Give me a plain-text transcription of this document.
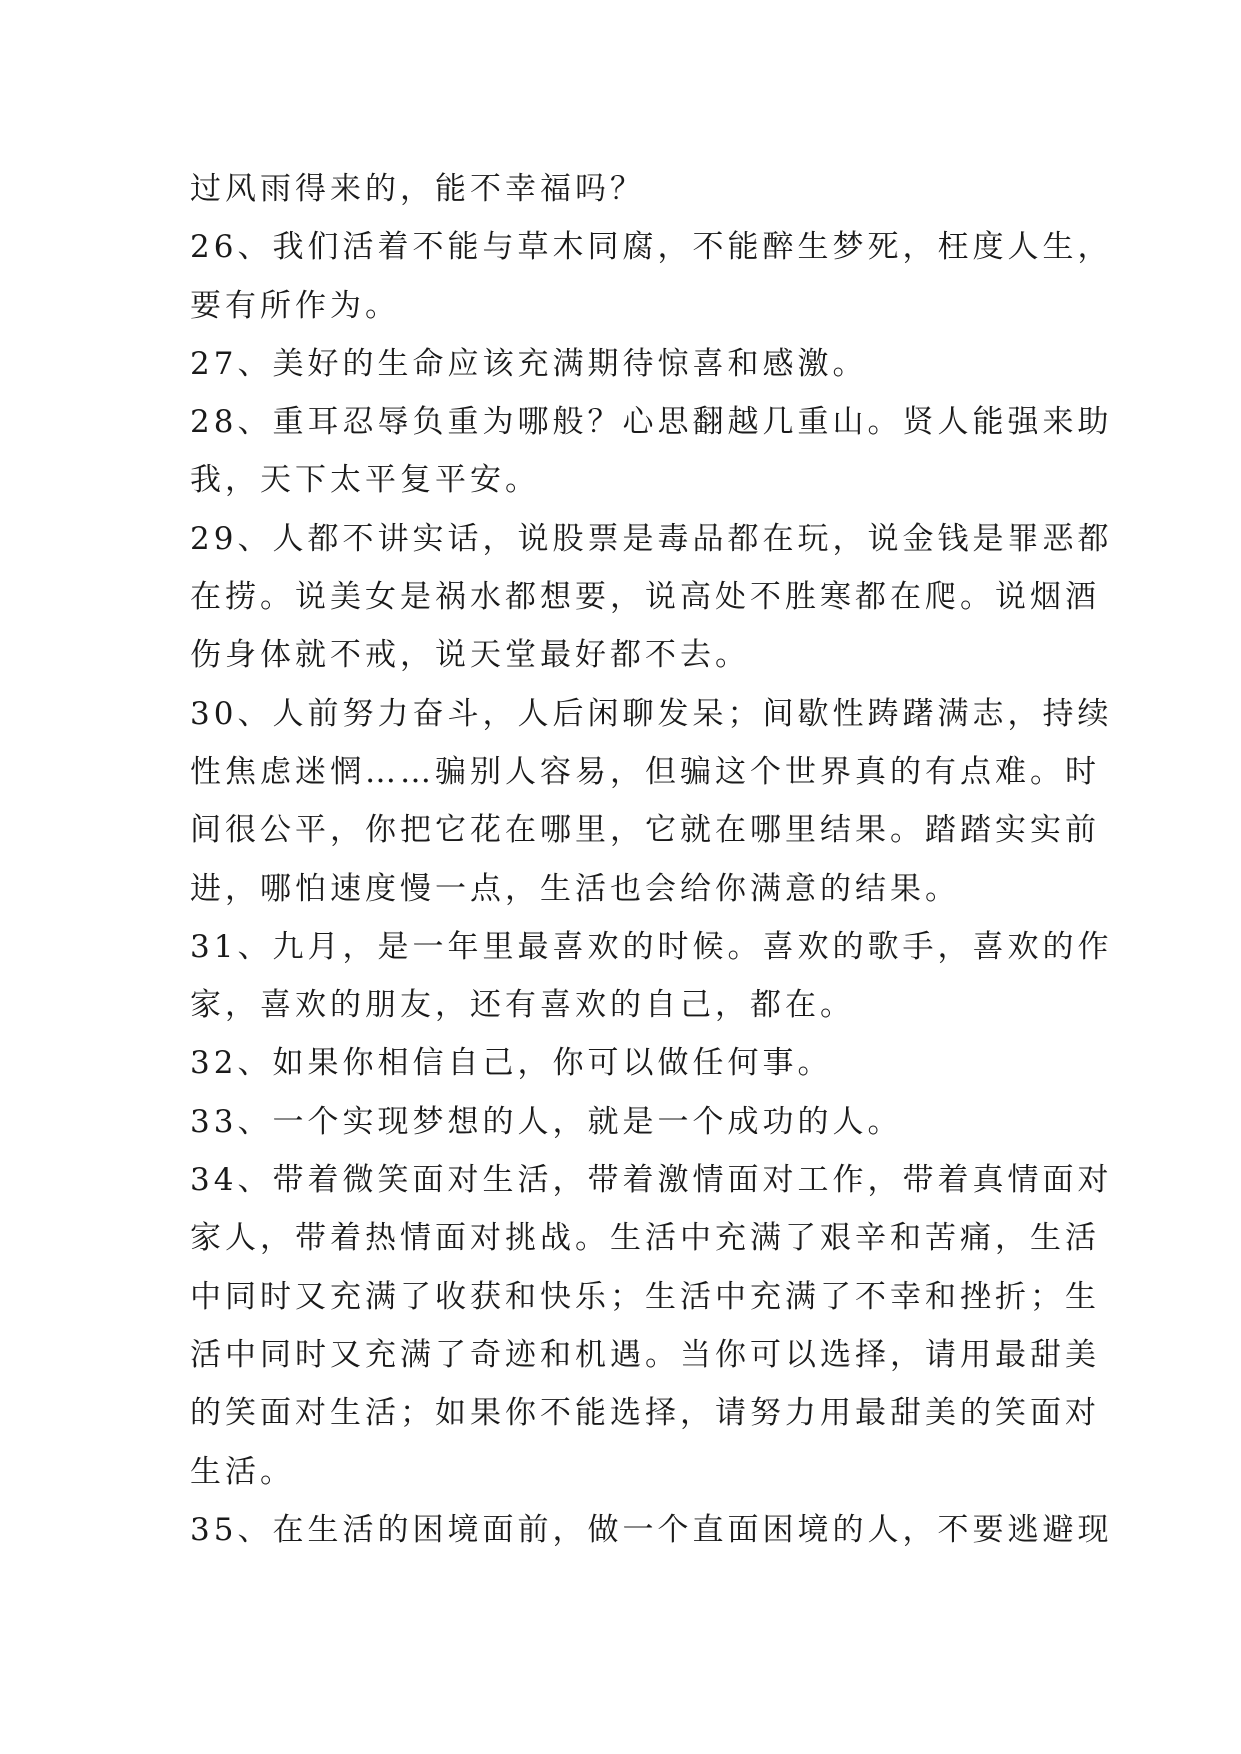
过风雨得来的，能不幸福吗？
26、我们活着不能与草木同腐，不能醉生梦死，枉度人生，
要有所作为。
27、美好的生命应该充满期待惊喜和感激。
28、重耳忍辱负重为哪般？心思翻越几重山。贤人能强来助
我，天下太平复平安。
29、人都不讲实话，说股票是毒品都在玩，说金钱是罪恶都
在捞。说美女是祸水都想要，说高处不胜寒都在爬。说烟酒
伤身体就不戒，说天堂最好都不去。
30、人前努力奋斗，人后闲聊发呆；间歇性踌躇满志，持续
性焦虑迷惘……骗别人容易，但骗这个世界真的有点难。时
间很公平，你把它花在哪里，它就在哪里结果。踏踏实实前
进，哪怕速度慢一点，生活也会给你满意的结果。
31、九月，是一年里最喜欢的时候。喜欢的歌手，喜欢的作
家，喜欢的朋友，还有喜欢的自己，都在。
32、如果你相信自己，你可以做任何事。
33、一个实现梦想的人，就是一个成功的人。
34、带着微笑面对生活，带着激情面对工作，带着真情面对
家人，带着热情面对挑战。生活中充满了艰辛和苦痛，生活
中同时又充满了收获和快乐；生活中充满了不幸和挫折；生
活中同时又充满了奇迹和机遇。当你可以选择，请用最甜美
的笑面对生活；如果你不能选择，请努力用最甜美的笑面对
生活。
35、在生活的困境面前，做一个直面困境的人，不要逃避现
